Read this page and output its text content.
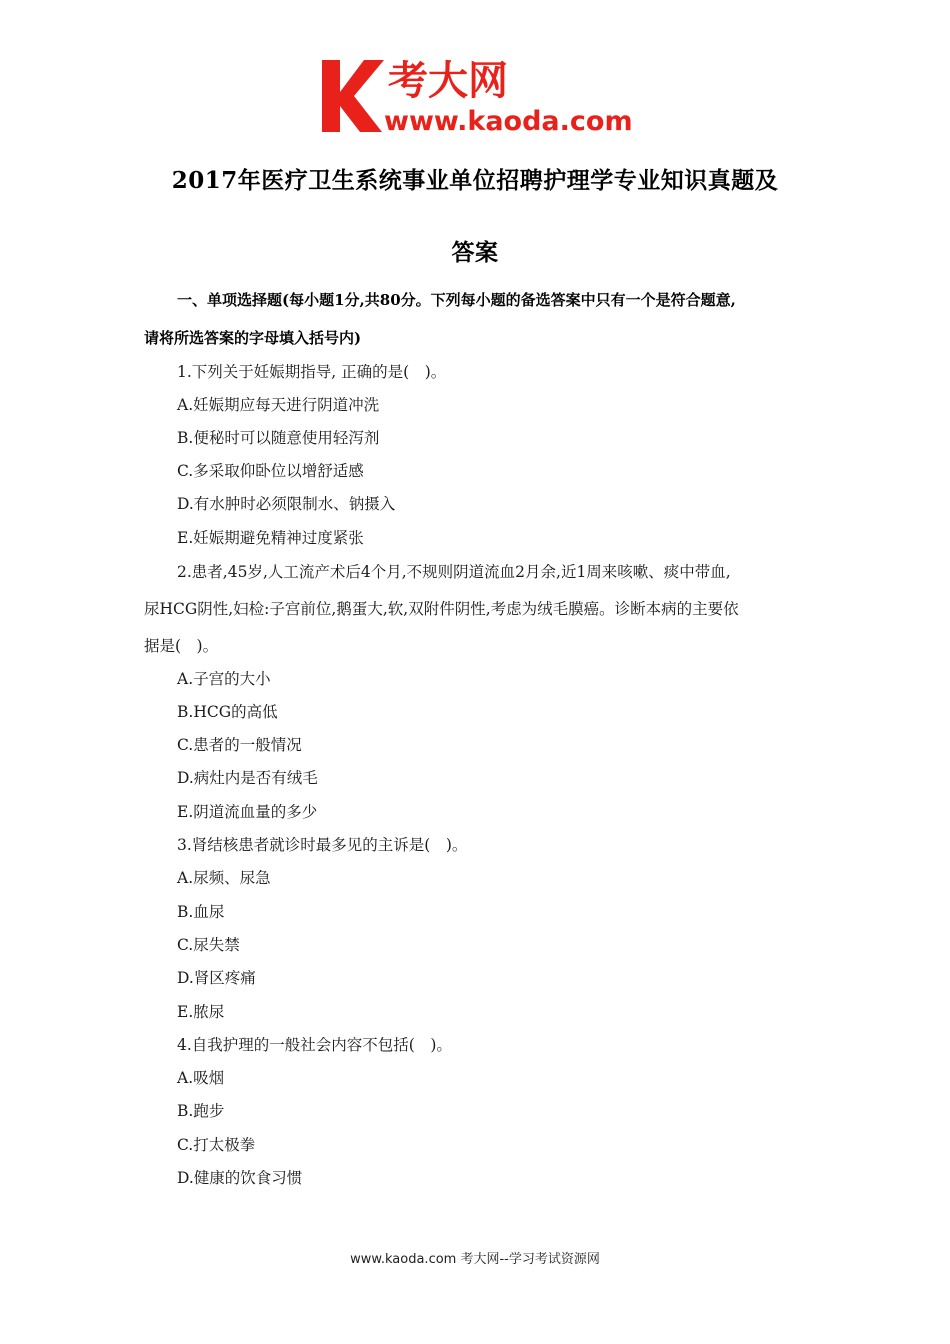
考大网
www.kaoda.com
2017年医疗卫生系统事业单位招聘护理学专业知识真题及
答案
一、单项选择题(每小题1分,共80分。下列每小题的备选答案中只有一个是符合题意,
请将所选答案的字母填入括号内)
1.下列关于妊娠期指导, 正确的是(　)。
A.妊娠期应每天进行阴道冲洗
B.便秘时可以随意使用轻泻剂
C.多采取仰卧位以增舒适感
D.有水肿时必须限制水、钠摄入
E.妊娠期避免精神过度紧张
2.患者,45岁,人工流产术后4个月,不规则阴道流血2月余,近1周来咳嗽、痰中带血,
尿HCG阴性,妇检:子宫前位,鹅蛋大,软,双附件阴性,考虑为绒毛膜癌。诊断本病的主要依
据是(　)。
A.子宫的大小
B.HCG的高低
C.患者的一般情况
D.病灶内是否有绒毛
E.阴道流血量的多少
3.肾结核患者就诊时最多见的主诉是(　)。
A.尿频、尿急
B.血尿
C.尿失禁
D.肾区疼痛
E.脓尿
4.自我护理的一般社会内容不包括(　)。
A.吸烟
B.跑步
C.打太极拳
D.健康的饮食习惯
www.kaoda.com 考大网--学习考试资源网
